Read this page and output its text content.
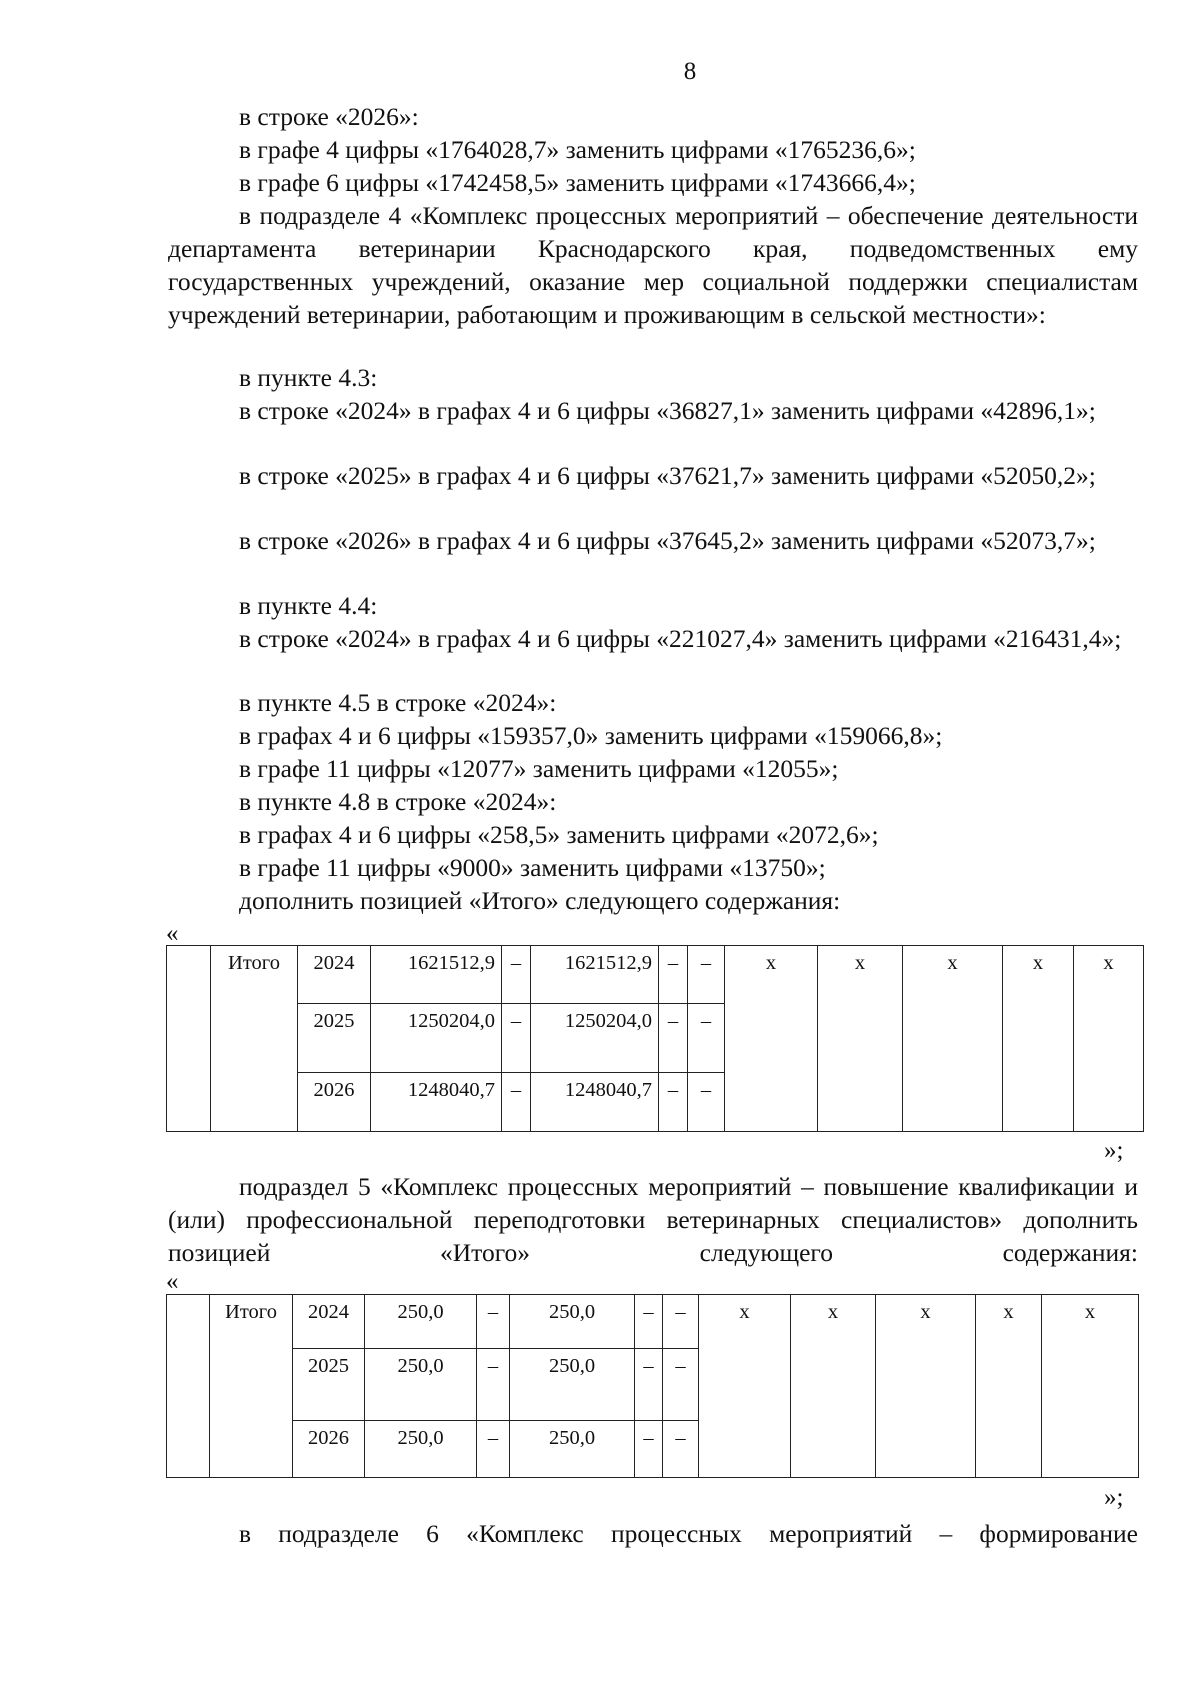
8
в строке «2026»:
в графе 4 цифры «1764028,7» заменить цифрами «1765236,6»;
в графе 6 цифры «1742458,5» заменить цифрами «1743666,4»;
в подразделе 4 «Комплекс процессных мероприятий – обеспечение деятельности департамента ветеринарии Краснодарского края, подведомственных ему государственных учреждений, оказание мер социальной поддержки специалистам учреждений ветеринарии, работающим и проживающим в сельской местности»:
в пункте 4.3:
в строке «2024» в графах 4 и 6 цифры «36827,1» заменить цифрами «42896,1»;
в строке «2025» в графах 4 и 6 цифры «37621,7» заменить цифрами «52050,2»;
в строке «2026» в графах 4 и 6 цифры «37645,2» заменить цифрами «52073,7»;
в пункте 4.4:
в строке «2024» в графах 4 и 6 цифры «221027,4» заменить цифрами «216431,4»;
в пункте 4.5 в строке «2024»:
в графах 4 и 6 цифры «159357,0» заменить цифрами «159066,8»;
в графе 11 цифры «12077» заменить цифрами «12055»;
в пункте 4.8 в строке «2024»:
в графах 4 и 6 цифры «258,5» заменить цифрами «2072,6»;
в графе 11 цифры «9000» заменить цифрами «13750»;
дополнить позицией «Итого» следующего содержания:
«
	Итого	2024	1621512,9	–	1621512,9	–	–	х	х	х	х	х
		2025	1250204,0	–	1250204,0	–	–					
		2026	1248040,7	–	1248040,7	–	–					
»;
подраздел 5 «Комплекс процессных мероприятий – повышение квалификации и (или) профессиональной переподготовки ветеринарных специалистов» дополнить позицией «Итого» следующего содержания:
«
	Итого	2024	250,0	–	250,0	–	–	х	х	х	х	х
		2025	250,0	–	250,0	–	–					
		2026	250,0	–	250,0	–	–					
»;
в подразделе 6 «Комплекс процессных мероприятий – формирование
